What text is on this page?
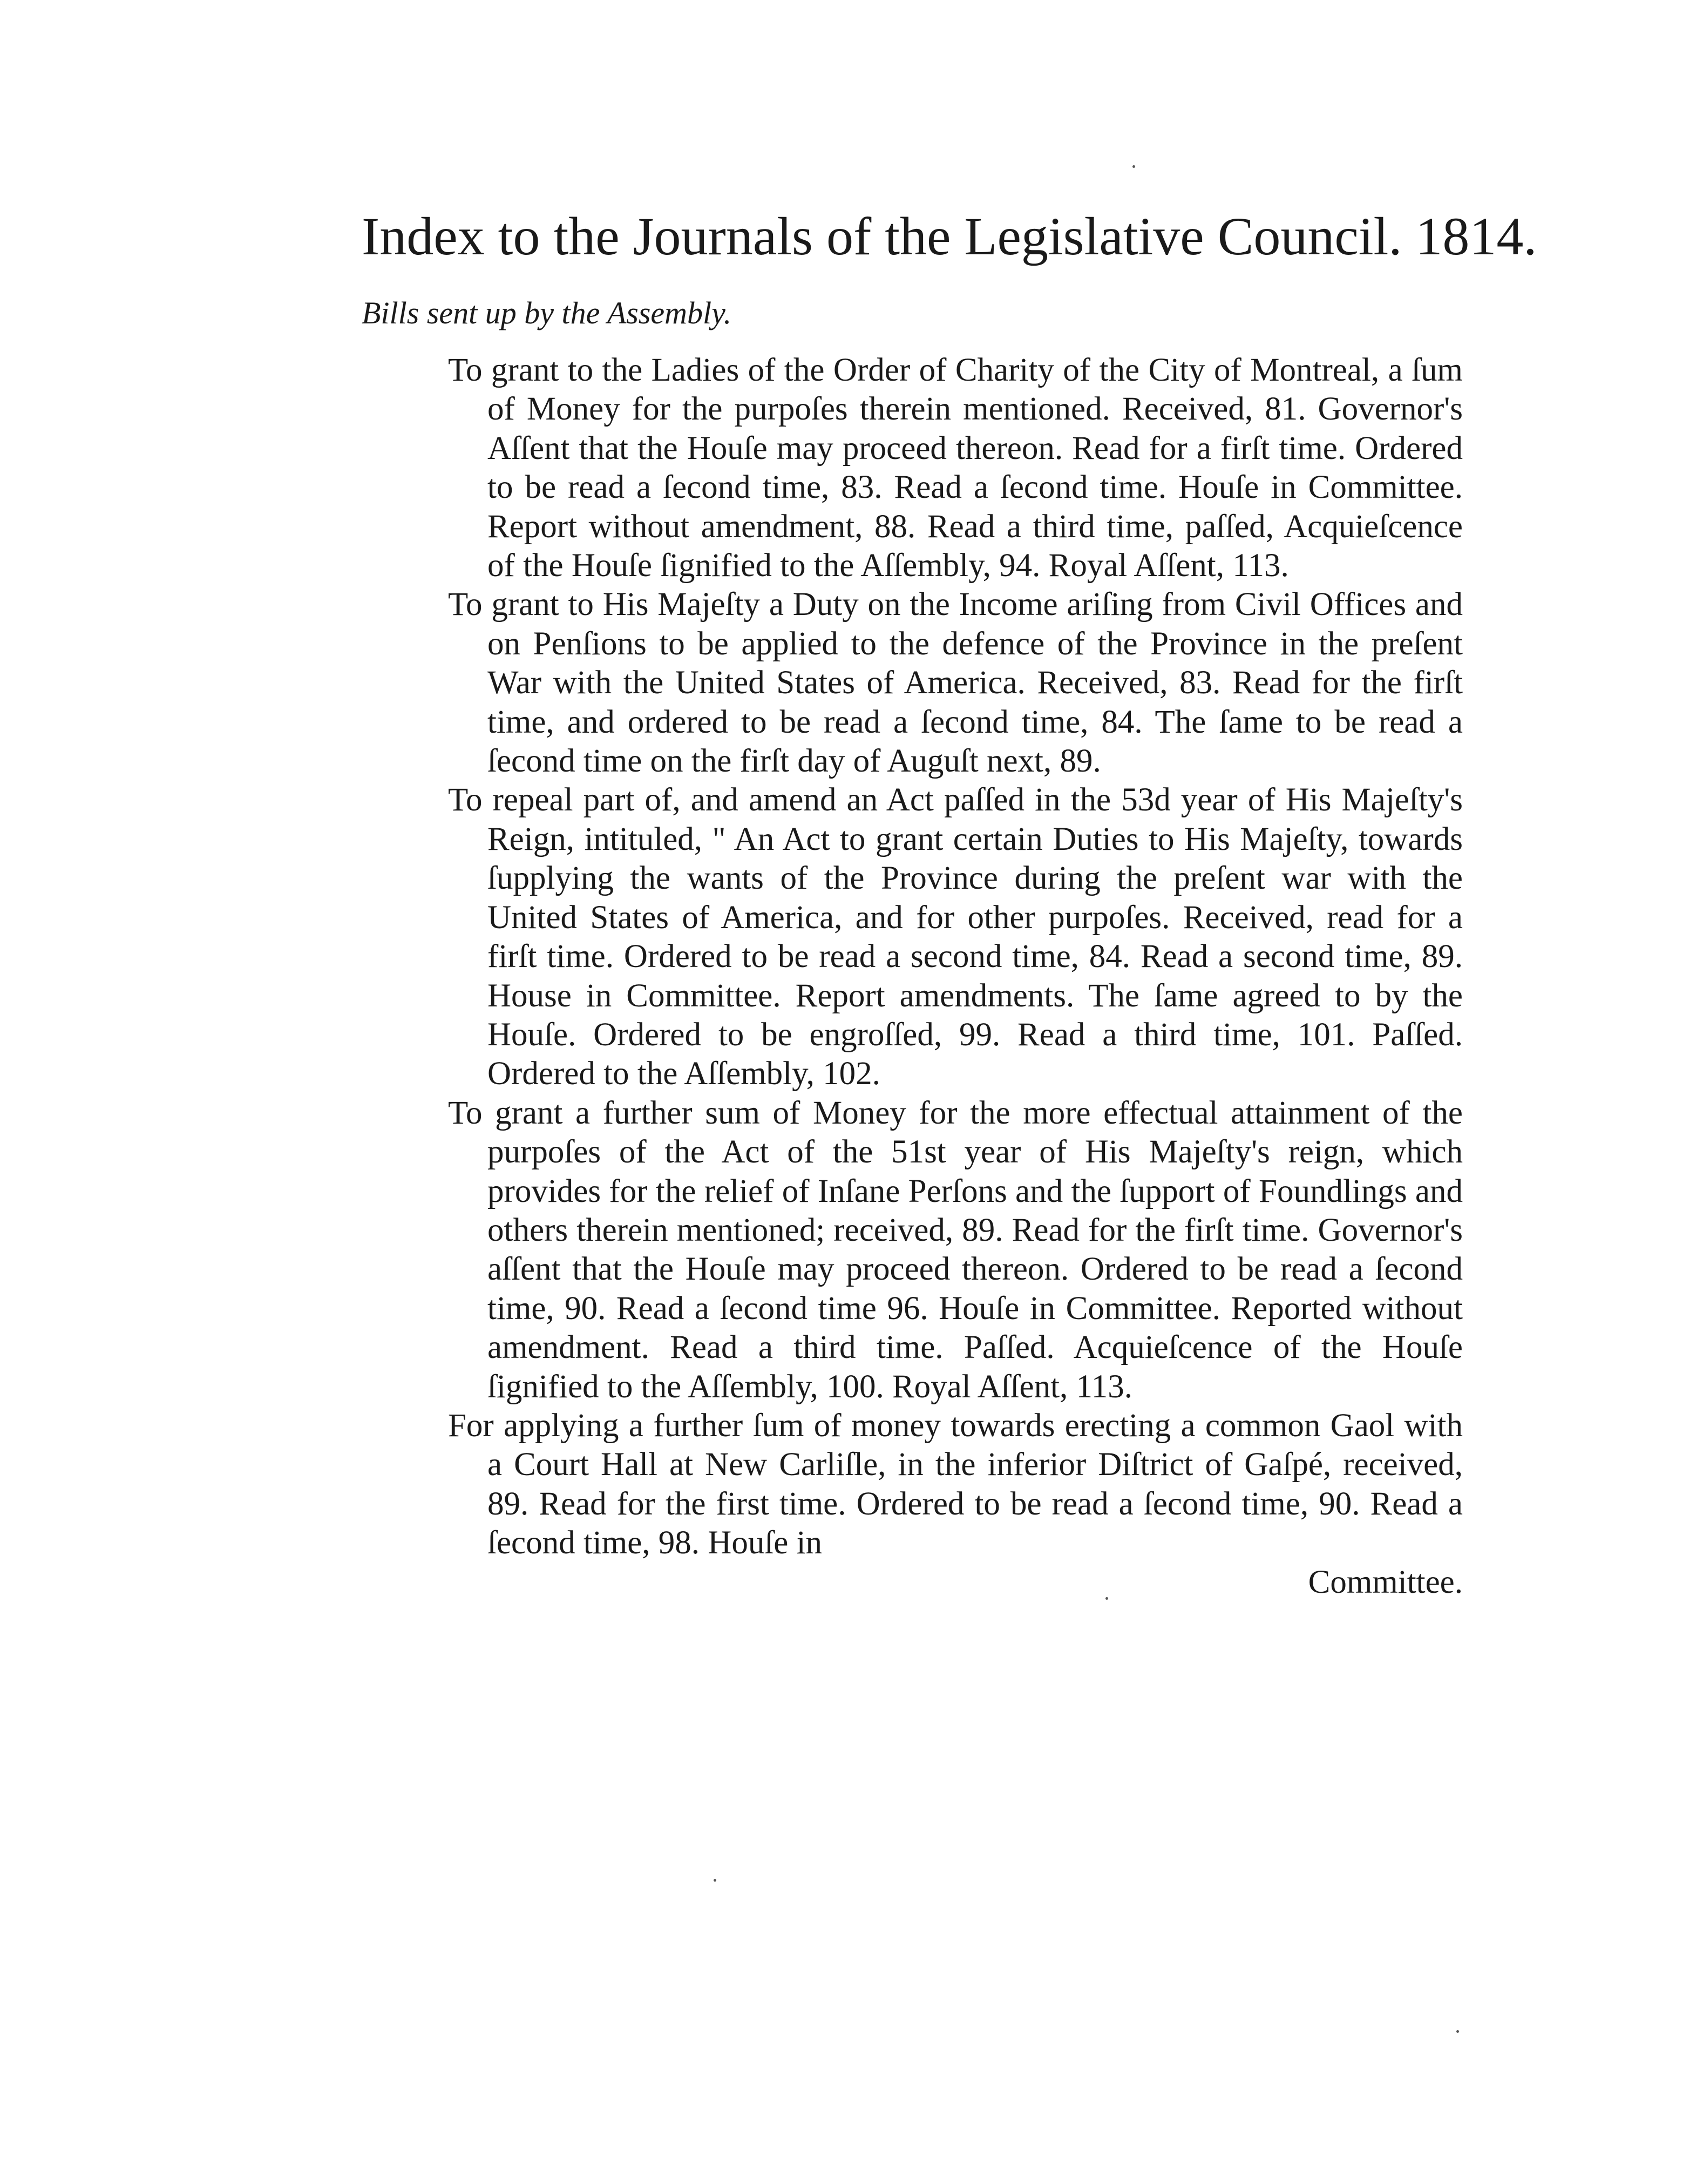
Index to the Journals of the Legislative Council. 1814.
Bills sent up by the Assembly.

To grant to the Ladies of the Order of Charity of the City of Montreal, a ſum of Money for the purpoſes therein mentioned. Received, 81. Governor's Aſſent that the Houſe may proceed thereon. Read for a firſt time. Ordered to be read a ſecond time, 83. Read a ſecond time. Houſe in Committee. Report without amendment, 88. Read a third time, paſſed, Acquieſcence of the Houſe ſignified to the Aſſembly, 94. Royal Aſſent, 113.

To grant to His Majeſty a Duty on the Income ariſing from Civil Offices and on Penſions to be applied to the defence of the Province in the preſent War with the United States of America. Received, 83. Read for the firſt time, and ordered to be read a ſecond time, 84. The ſame to be read a ſecond time on the firſt day of Auguſt next, 89.

To repeal part of, and amend an Act paſſed in the 53d year of His Majeſty's Reign, intituled, " An Act to grant certain Duties to His Majeſty, towards ſupplying the wants of the Province during the preſent war with the United States of America, and for other purpoſes. Received, read for a firſt time. Ordered to be read a second time, 84. Read a second time, 89. House in Committee. Report amendments. The ſame agreed to by the Houſe. Ordered to be engroſſed, 99. Read a third time, 101. Paſſed. Ordered to the Aſſembly, 102.

To grant a further sum of Money for the more effectual attainment of the purpoſes of the Act of the 51st year of His Majeſty's reign, which provides for the relief of Inſane Perſons and the ſupport of Foundlings and others therein mentioned; received, 89. Read for the firſt time. Governor's aſſent that the Houſe may proceed thereon. Ordered to be read a ſecond time, 90. Read a ſecond time 96. Houſe in Committee. Reported without amendment. Read a third time. Paſſed. Acquieſcence of the Houſe ſignified to the Aſſembly, 100. Royal Aſſent, 113.

For applying a further ſum of money towards erecting a common Gaol with a Court Hall at New Carliſle, in the inferior Diſtrict of Gaſpé, received, 89. Read for the first time. Ordered to be read a ſecond time, 90. Read a ſecond time, 98. Houſe in

Committee.
